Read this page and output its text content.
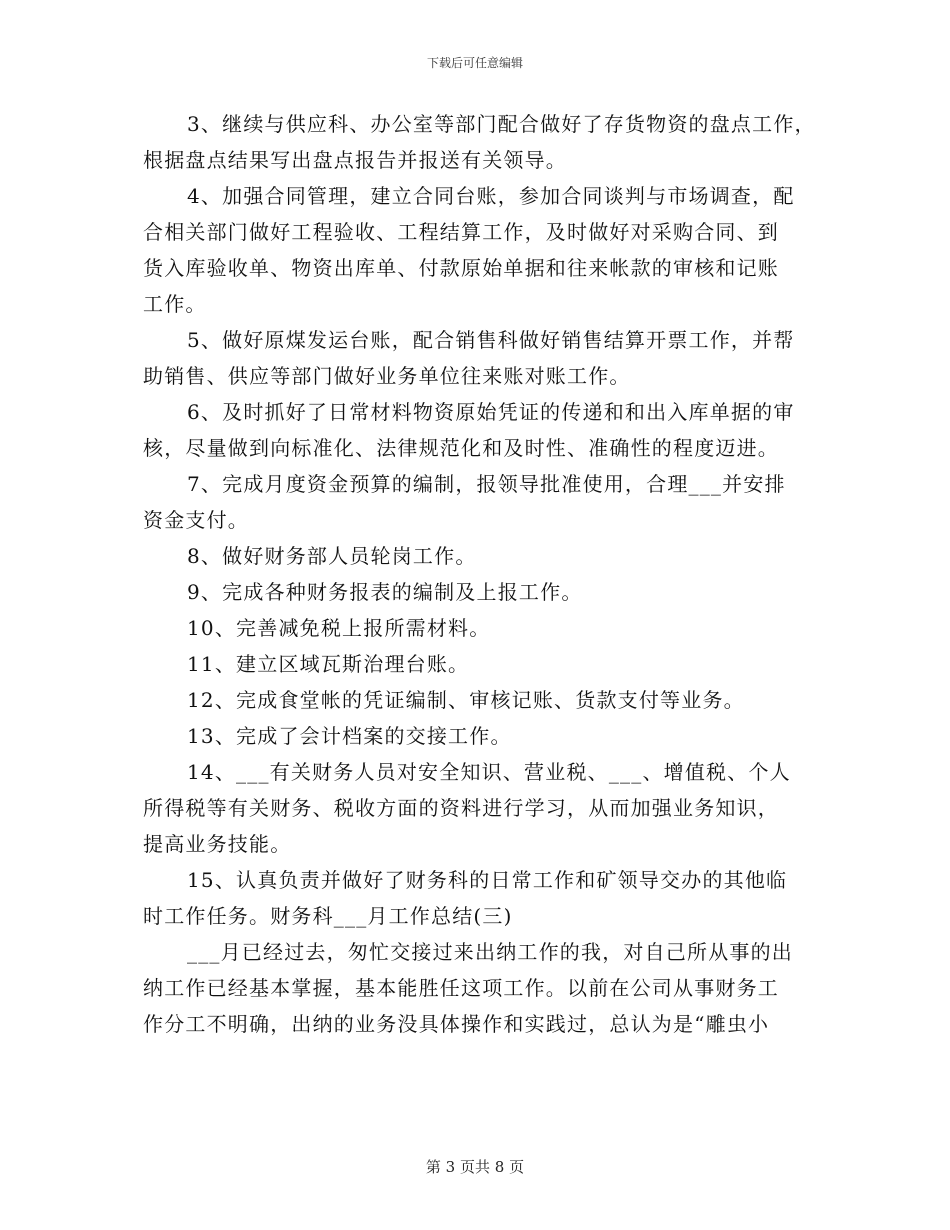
下载后可任意编辑
3、继续与供应科、办公室等部门配合做好了存货物资的盘点工作，
根据盘点结果写出盘点报告并报送有关领导。
4、加强合同管理，建立合同台账，参加合同谈判与市场调查，配
合相关部门做好工程验收、工程结算工作，及时做好对采购合同、到
货入库验收单、物资出库单、付款原始单据和往来帐款的审核和记账
工作。
5、做好原煤发运台账，配合销售科做好销售结算开票工作，并帮
助销售、供应等部门做好业务单位往来账对账工作。
6、及时抓好了日常材料物资原始凭证的传递和和出入库单据的审
核，尽量做到向标准化、法律规范化和及时性、准确性的程度迈进。
7、完成月度资金预算的编制，报领导批准使用，合理___并安排
资金支付。
8、做好财务部人员轮岗工作。
9、完成各种财务报表的编制及上报工作。
10、完善减免税上报所需材料。
11、建立区域瓦斯治理台账。
12、完成食堂帐的凭证编制、审核记账、货款支付等业务。
13、完成了会计档案的交接工作。
14、___有关财务人员对安全知识、营业税、___、增值税、个人
所得税等有关财务、税收方面的资料进行学习，从而加强业务知识，
提高业务技能。
15、认真负责并做好了财务科的日常工作和矿领导交办的其他临
时工作任务。财务科___月工作总结(三)
___月已经过去，匆忙交接过来出纳工作的我，对自己所从事的出
纳工作已经基本掌握，基本能胜任这项工作。以前在公司从事财务工
作分工不明确，出纳的业务没具体操作和实践过，总认为是“雕虫小
第 3 页共 8 页
